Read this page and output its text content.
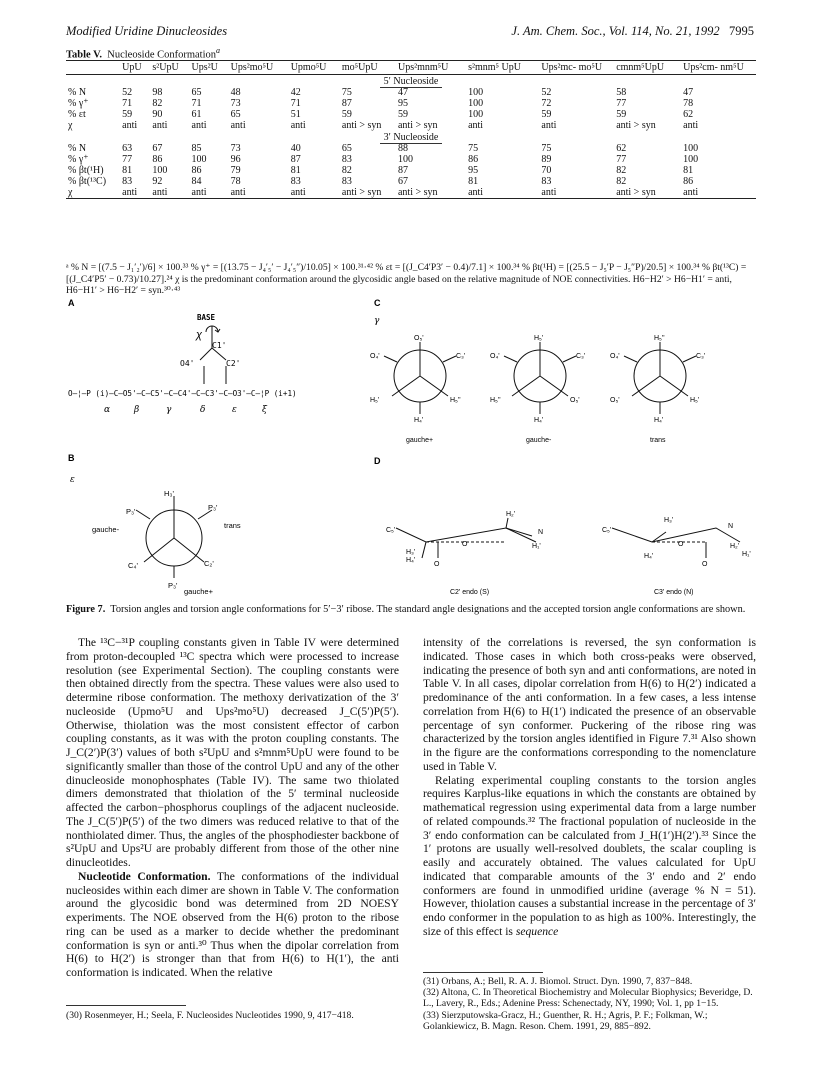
Modified Uridine Dinucleosides	J. Am. Chem. Soc., Vol. 114, No. 21, 1992 7995
Table V. Nucleoside Conformation$^a$
	UpU	s²UpU	Ups²U	Ups²mo⁵U	Upmo⁵U	mo⁵UpU	Ups²mnm⁵U	s²mnm⁵ UpU	Ups²mc- mo⁵U	cmnm⁵UpU	Ups²cm- nm⁵U
5′ Nucleoside											
% N	52	98	65	48	42	75	47	100	52	58	47
% γ⁺	71	82	71	73	71	87	95	100	72	77	78
% εt	59	90	61	65	51	59	59	100	59	59	62
χ	anti	anti	anti	anti	anti	anti > syn	anti > syn	anti	anti	anti > syn	anti
3′ Nucleoside											
% N	63	67	85	73	40	65	88	75	75	62	100
% γ⁺	77	86	100	96	87	83	100	86	89	77	100
% βt(¹H)	81	100	86	79	81	82	87	95	70	82	81
% βt(¹³C)	83	92	84	78	83	83	67	81	83	82	86
χ	anti	anti	anti	anti	anti	anti > syn	anti > syn	anti	anti	anti > syn	anti
ᵃ % N = [(7.5 − J₁′₂′)/6] × 100.³³ % γ⁺ = [(13.75 − J₄′₅′ − J₄′₅″)/10.05] × 100.³¹·⁴² % εt = [(J_C4′P3′ − 0.4)/7.1] × 100.³⁴ % βt(¹H) = [(25.5 − J₅′P − J₅″P)/20.5] × 100.³⁴ % βt(¹³C) = [(J_C4′P5′ − 0.73)/10.27].²⁴ χ is the predominant conformation around the glycosidic angle based on the relative magnitude of NOE connectivities. H6−H2′ > H6−H1′ = anti, H6−H1′ > H6−H2′ = syn.³⁰·⁴³
A
BASE
χ
C1'
O4'	C2'
O–¦–P (i)–C–O5'–C–C5'–C–C4'–C–C3'–C–O3'–C–¦P (i+1)
α	β	γ	δ	ε	ξ
B
ε
H₃'
P₃'	P₃'
C₄'	C₂'
P₃'
gauche-	trans
gauche+
C
γ
O₅'
O₄'	C₃'
H₅'	H₅''
H₄'
H₅'
O₄'	C₃'
H₅''	O₅'
H₄'
H₅''
O₄'	C₃'
O₅'	H₅'
H₄'
gauche+	gauche-	trans
D
C₅'
H₂'
O
N
H₃'
H₄'
H₁'
O
C₅'
H₃'
O
N
H₂'
H₄'	H₁'
O
C2' endo (S)	C3' endo (N)
Figure 7. Torsion angles and torsion angle conformations for 5′−3′ ribose. The standard angle designations and the accepted torsion angle conformations are shown.

The ¹³C−³¹P coupling constants given in Table IV were determined from proton-decoupled ¹³C spectra which were processed to increase resolution (see Experimental Section). The coupling constants were then obtained directly from the spectra. These values were also used to determine ribose conformation. The methoxy derivatization of the 3′ nucleoside (Upmo⁵U and Ups²mo⁵U) decreased J_C(5′)P(5′). Otherwise, thiolation was the most consistent effector of carbon coupling constants, as it was with the proton coupling constants. The J_C(2′)P(3′) values of both s²UpU and s²mnm⁵UpU were found to be significantly smaller than those of the control UpU and any of the other dinucleoside monophosphates (Table IV). The same two thiolated dimers demonstrated that thiolation of the 5′ terminal nucleoside affected the carbon−phosphorus couplings of the adjacent nucleoside. The J_C(5′)P(5′) of the two dimers was reduced relative to that of the nonthiolated dimer. Thus, the angles of the phosphodiester backbone of s²UpU and Ups²U are probably different from those of the other nine dinucleotides.

Nucleotide Conformation. The conformations of the individual nucleosides within each dimer are shown in Table V. The conformation around the glycosidic bond was determined from 2D NOESY experiments. The NOE observed from the H(6) proton to the ribose ring can be used as a marker to decide whether the predominant conformation is syn or anti.³⁰ Thus when the dipolar correlation from H(6) to H(2′) is stronger than that from H(6) to H(1′), the anti conformation is indicated. When the relative

intensity of the correlations is reversed, the syn conformation is indicated. Those cases in which both cross-peaks were observed, indicating the presence of both syn and anti conformations, are noted in Table V. In all cases, dipolar correlation from H(6) to H(2′) indicated a predominance of the anti conformation. In a few cases, a less intense correlation from H(6) to H(1′) indicated the presence of an observable percentage of syn conformer. Puckering of the ribose ring was characterized by the torsion angles identified in Figure 7.³¹ Also shown in the figure are the conformations corresponding to the nomenclature used in Table V.

Relating experimental coupling constants to the torsion angles requires Karplus-like equations in which the constants are obtained by mathematical regression using experimental data from a large number of related compounds.³² The fractional population of nucleoside in the 3′ endo conformation can be calculated from J_H(1′)H(2′).³³ Since the 1′ protons are usually well-resolved doublets, the scalar coupling is easily and accurately obtained. The values calculated for UpU indicated that comparable amounts of the 3′ endo and 2′ endo conformers are found in unmodified uridine (average % N = 51). However, thiolation causes a substantial increase in the percentage of 3′ endo conformer in the population to as high as 100%. Interestingly, the size of this effect is sequence

(30) Rosenmeyer, H.; Seela, F. Nucleosides Nucleotides 1990, 9, 417−418.
(31) Orbans, A.; Bell, R. A. J. Biomol. Struct. Dyn. 1990, 7, 837−848.
(32) Altona, C. In Theoretical Biochemistry and Molecular Biophysics; Beveridge, D. L., Lavery, R., Eds.; Adenine Press: Schenectady, NY, 1990; Vol. 1, pp 1−15.
(33) Sierzputowska-Gracz, H.; Guenther, R. H.; Agris, P. F.; Folkman, W.; Golankiewicz, B. Magn. Reson. Chem. 1991, 29, 885−892.
